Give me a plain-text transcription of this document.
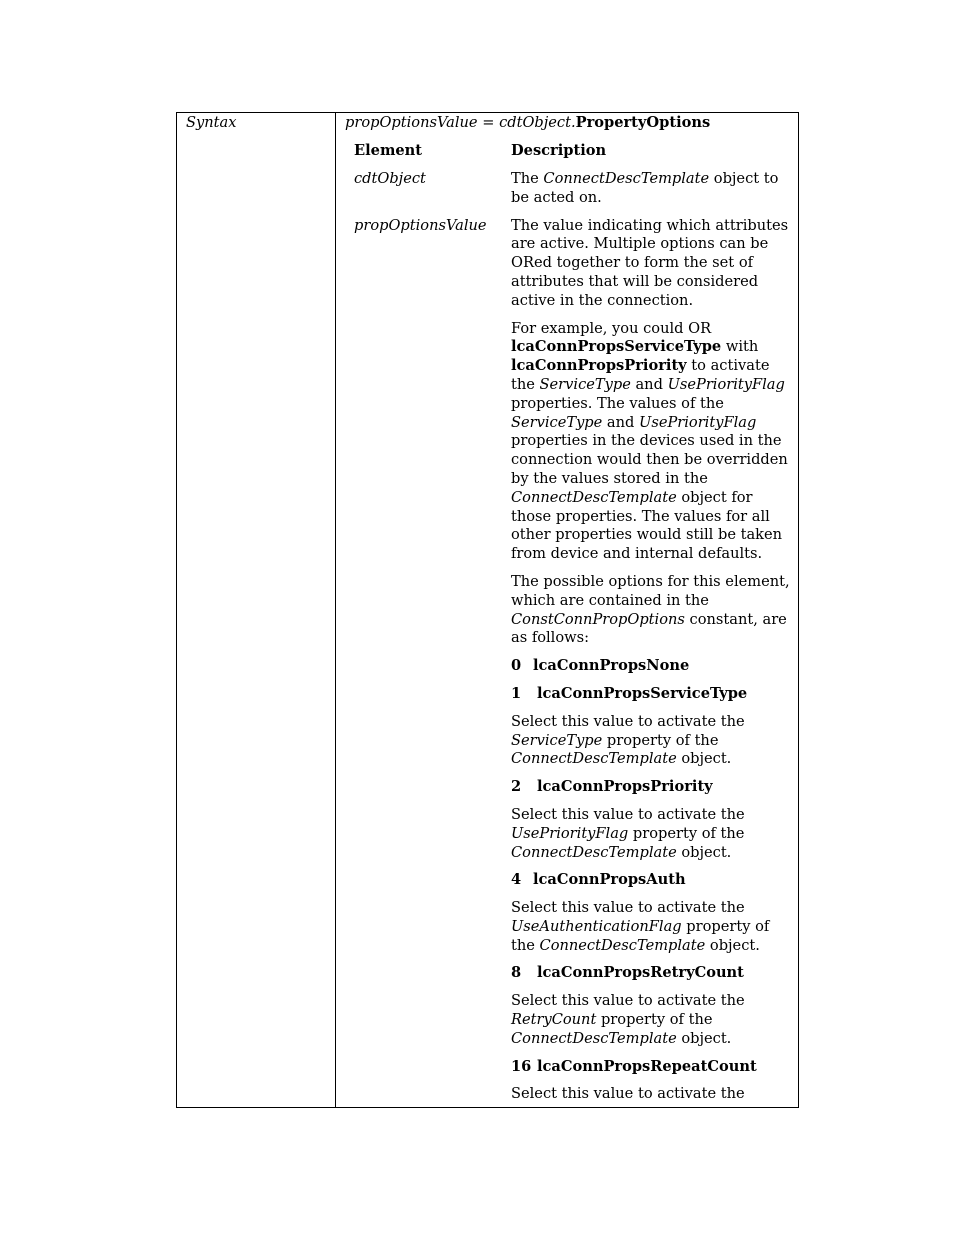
Syntax	propOptionsValue = cdtObject.PropertyOptions
Element	Description
cdtObject
propOptionsValue

The ConnectDescTemplate object to be acted on.

The value indicating which attributes are active. Multiple options can be ORed together to form the set of attributes that will be considered active in the connection.

For example, you could OR lcaConnPropsServiceType with lcaConnPropsPriority to activate the ServiceType and UsePriorityFlag properties. The values of the ServiceType and UsePriorityFlag properties in the devices used in the connection would then be overridden by the values stored in the ConnectDescTemplate object for those properties. The values for all other properties would still be taken from device and internal defaults.

The possible options for this element, which are contained in the ConstConnPropOptions constant, are as follows:

0 lcaConnPropsNone
1 lcaConnPropsServiceType

Select this value to activate the ServiceType property of the ConnectDescTemplate object.

2 lcaConnPropsPriority

Select this value to activate the UsePriorityFlag property of the ConnectDescTemplate object.

4 lcaConnPropsAuth

Select this value to activate the UseAuthenticationFlag property of the ConnectDescTemplate object.

8 lcaConnPropsRetryCount

Select this value to activate the RetryCount property of the ConnectDescTemplate object.

16 lcaConnPropsRepeatCount

Select this value to activate the
